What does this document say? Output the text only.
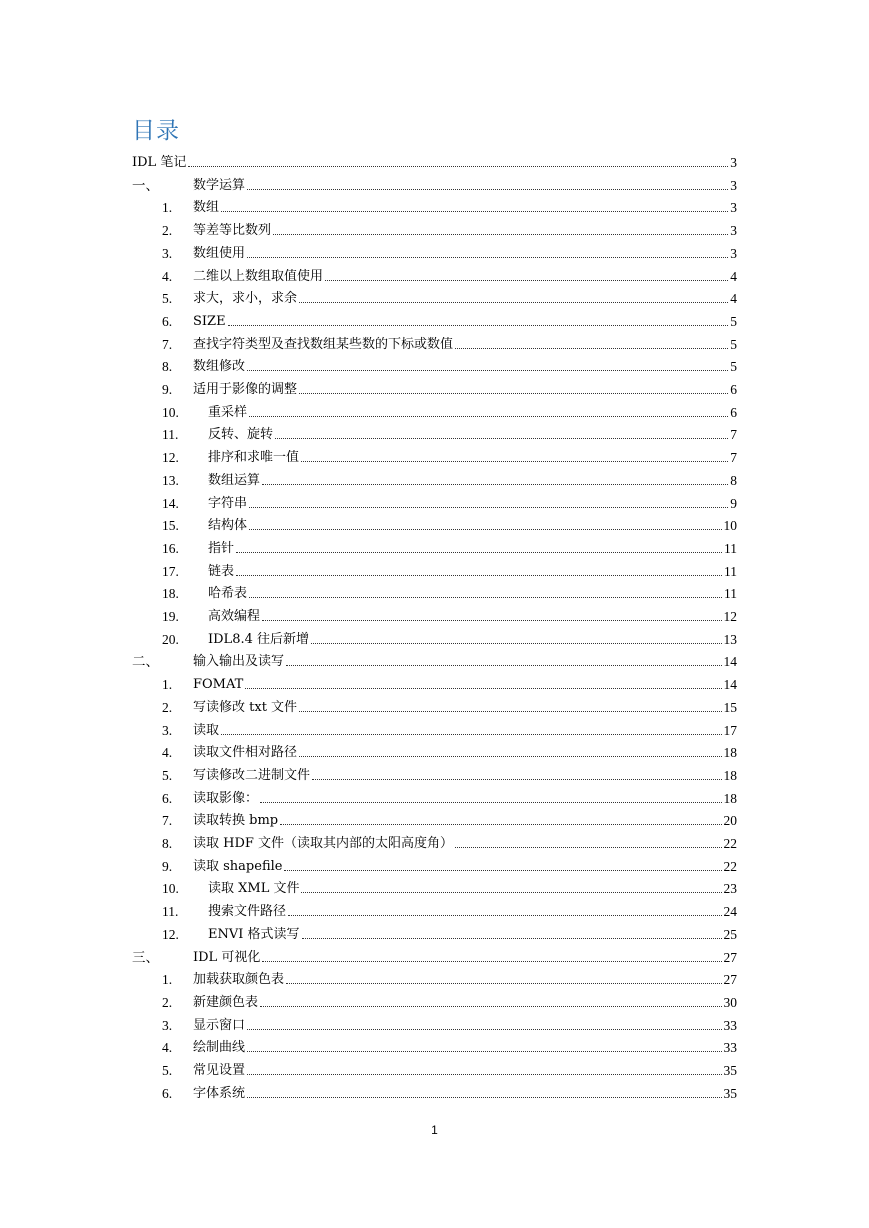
目录
IDL 笔记	3
一、	数学运算	3
1. 数组	3
2. 等差等比数列	3
3. 数组使用	3
4. 二维以上数组取值使用	4
5. 求大，求小，求余	4
6. SIZE	5
7. 查找字符类型及查找数组某些数的下标或数值	5
8. 数组修改	5
9. 适用于影像的调整	6
10. 重采样	6
11. 反转、旋转	7
12. 排序和求唯一值	7
13. 数组运算	8
14. 字符串	9
15. 结构体	10
16. 指针	11
17. 链表	11
18. 哈希表	11
19. 高效编程	12
20. IDL8.4 往后新增	13
二、	输入输出及读写	14
1. FOMAT	14
2. 写读修改 txt 文件	15
3. 读取	17
4. 读取文件相对路径	18
5. 写读修改二进制文件	18
6. 读取影像：	18
7. 读取转换 bmp	20
8. 读取 HDF 文件（读取其内部的太阳高度角）	22
9. 读取 shapefile	22
10. 读取 XML 文件	23
11. 搜索文件路径	24
12. ENVI 格式读写	25
三、	IDL 可视化	27
1. 加载获取颜色表	27
2. 新建颜色表	30
3. 显示窗口	33
4. 绘制曲线	33
5. 常见设置	35
6. 字体系统	35
1
